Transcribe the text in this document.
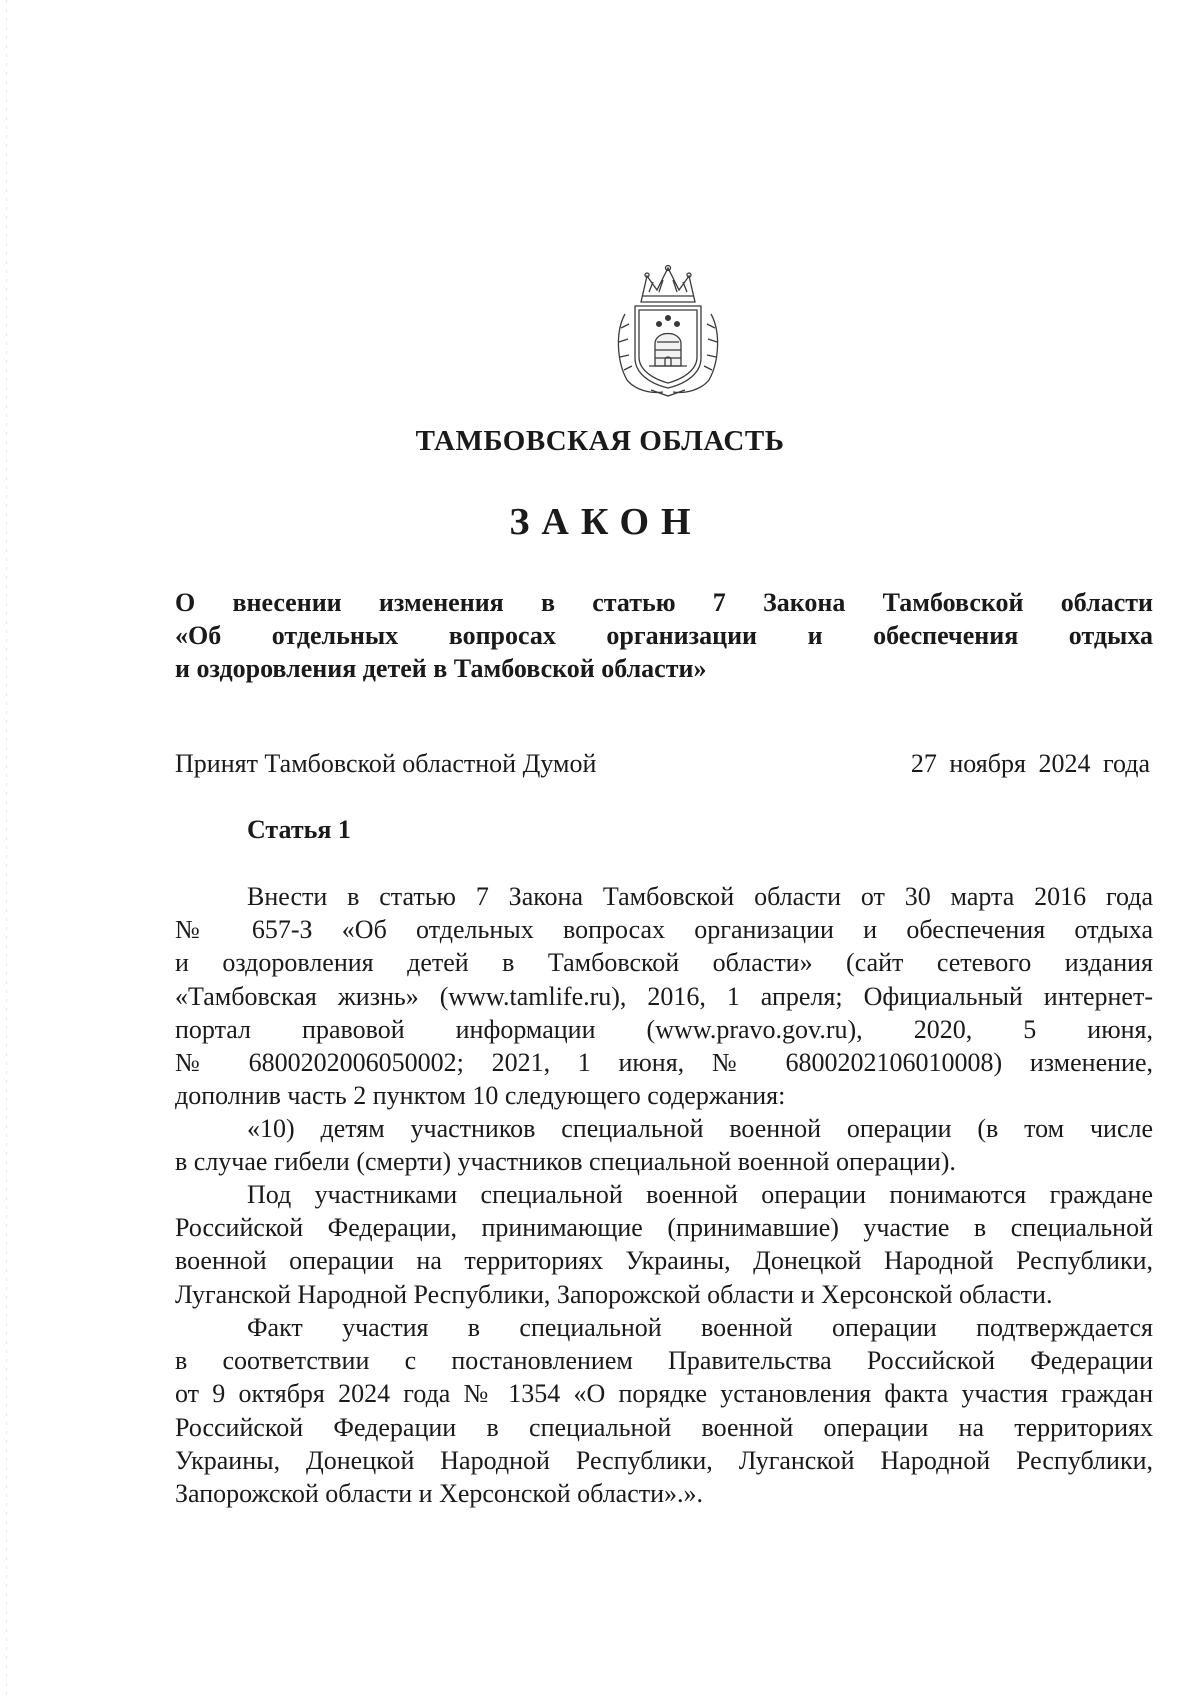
ТАМБОВСКАЯ ОБЛАСТЬ
ЗАКОН
О внесении изменения в статью 7 Закона Тамбовской области
«Об отдельных вопросах организации и обеспечения отдыха
и оздоровления детей в Тамбовской области»
Принят Тамбовской областной Думой	27 ноября 2024 года
Статья 1
Внести в статью 7 Закона Тамбовской области от 30 марта 2016 года
№ 657-З «Об отдельных вопросах организации и обеспечения отдыха
и оздоровления детей в Тамбовской области» (сайт сетевого издания
«Тамбовская жизнь» (www.tamlife.ru), 2016, 1 апреля; Официальный интернет-
портал правовой информации (www.pravo.gov.ru), 2020, 5 июня,
№ 6800202006050002; 2021, 1 июня, № 6800202106010008) изменение,
дополнив часть 2 пунктом 10 следующего содержания:
«10) детям участников специальной военной операции (в том числе
в случае гибели (смерти) участников специальной военной операции).
Под участниками специальной военной операции понимаются граждане
Российской Федерации, принимающие (принимавшие) участие в специальной
военной операции на территориях Украины, Донецкой Народной Республики,
Луганской Народной Республики, Запорожской области и Херсонской области.
Факт участия в специальной военной операции подтверждается
в соответствии с постановлением Правительства Российской Федерации
от 9 октября 2024 года № 1354 «О порядке установления факта участия граждан
Российской Федерации в специальной военной операции на территориях
Украины, Донецкой Народной Республики, Луганской Народной Республики,
Запорожской области и Херсонской области».».
